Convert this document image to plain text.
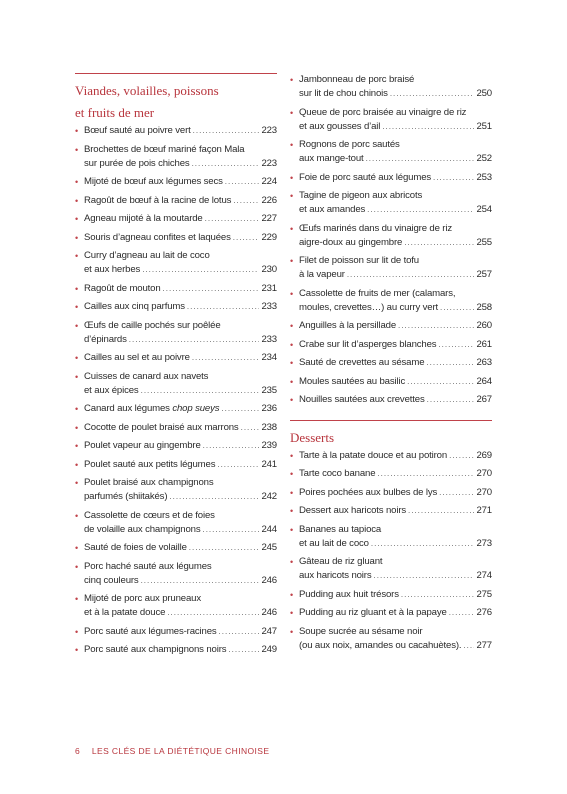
Viandes, volailles, poissons
et fruits de mer
• Bœuf sauté au poivre vert .....	223
• Brochettes de bœuf mariné façon Mala
sur purée de pois chiches .....	223
• Mijoté de bœuf aux légumes secs .....	224
• Ragoût de bœuf à la racine de lotus .....	226
• Agneau mijoté à la moutarde .....	227
• Souris d’agneau confites et laquées .....	229
• Curry d’agneau au lait de coco
et aux herbes .....	230
• Ragoût de mouton .....	231
• Cailles aux cinq parfums .....	233
• Œufs de caille pochés sur poêlée
d’épinards .....	233
• Cailles au sel et au poivre .....	234
• Cuisses de canard aux navets
et aux épices .....	235
• Canard aux légumes chop sueys .....	236
• Cocotte de poulet braisé aux marrons ..... 238
• Poulet vapeur au gingembre .....	239
• Poulet sauté aux petits légumes .....	241
• Poulet braisé aux champignons
parfumés (shiitakés) .....	242
• Cassolette de cœurs et de foies
de volaille aux champignons .....	244
• Sauté de foies de volaille .....	245
• Porc haché sauté aux légumes
cinq couleurs .....	246
• Mijoté de porc aux pruneaux
et à la patate douce .....	246
• Porc sauté aux légumes-racines .....	247
• Porc sauté aux champignons noirs .....	249
• Jambonneau de porc braisé
sur lit de chou chinois .....	250
• Queue de porc braisée au vinaigre de riz
et aux gousses d’ail .....	251
• Rognons de porc sautés
aux mange-tout .....	252
• Foie de porc sauté aux légumes .....	253
• Tagine de pigeon aux abricots
et aux amandes .....	254
• Œufs marinés dans du vinaigre de riz
aigre-doux au gingembre .....	255
• Filet de poisson sur lit de tofu
à la vapeur .....	257
• Cassolette de fruits de mer (calamars,
moules, crevettes…) au curry vert .....	258
• Anguilles à la persillade .....	260
• Crabe sur lit d’asperges blanches .....	261
• Sauté de crevettes au sésame .....	263
• Moules sautées au basilic .....	264
• Nouilles sautées aux crevettes .....	267
Desserts
• Tarte à la patate douce et au potiron .....	269
• Tarte coco banane .....	270
• Poires pochées aux bulbes de lys .....	270
• Dessert aux haricots noirs .....	271
• Bananes au tapioca
et au lait de coco .....	273
• Gâteau de riz gluant
aux haricots noirs .....	274
• Pudding aux huit trésors .....	275
• Pudding au riz gluant et à la papaye .....	276
• Soupe sucrée au sésame noir
(ou aux noix, amandes ou cacahuètes). ..... 277
6 LES CLÉS DE LA DIÉTÉTIQUE CHINOISE
